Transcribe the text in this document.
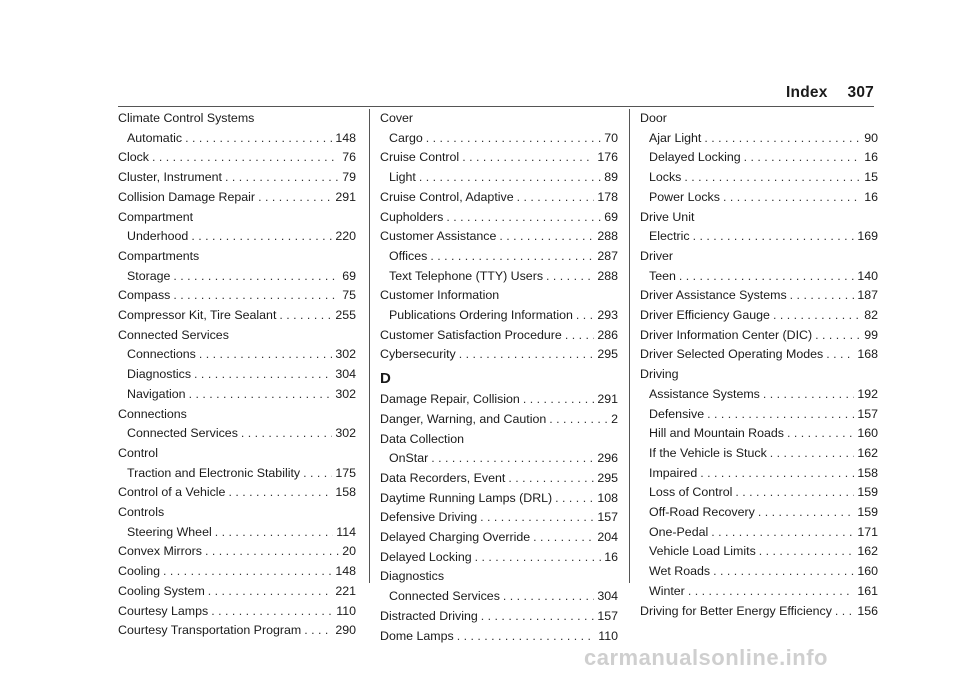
Index 307
Climate Control Systems
Automatic . . .	148
Clock . . .	76
Cluster, Instrument . . .	79
Collision Damage Repair . . .	291
Compartment
Underhood . . .	220
Compartments
Storage . . .	69
Compass . . .	75
Compressor Kit, Tire Sealant . . .	255
Connected Services
Connections . . .	302
Diagnostics . . .	304
Navigation . . .	302
Connections
Connected Services . . .	302
Control
Traction and Electronic Stability . . .	175
Control of a Vehicle . . .	158
Controls
Steering Wheel . . .	114
Convex Mirrors . . .	20
Cooling . . .	148
Cooling System . . .	221
Courtesy Lamps . . .	110
Courtesy Transportation Program . . .	290
Cover
Cargo . . .	70
Cruise Control . . .	176
Light . . .	89
Cruise Control, Adaptive . . .	178
Cupholders . . .	69
Customer Assistance . . .	288
Offices . . .	287
Text Telephone (TTY) Users . . .	288
Customer Information
Publications Ordering Information . . . 293
Customer Satisfaction Procedure . . .	286
Cybersecurity . . .	295
D
Damage Repair, Collision . . .	291
Danger, Warning, and Caution . . .	2
Data Collection
OnStar . . .	296
Data Recorders, Event . . .	295
Daytime Running Lamps (DRL) . . .	108
Defensive Driving . . .	157
Delayed Charging Override . . .	204
Delayed Locking . . .	16
Diagnostics
Connected Services . . .	304
Distracted Driving . . .	157
Dome Lamps . . .	110
Door
Ajar Light . . .	90
Delayed Locking . . .	16
Locks . . .	15
Power Locks . . .	16
Drive Unit
Electric . . .	169
Driver
Teen . . .	140
Driver Assistance Systems . . .	187
Driver Efficiency Gauge . . .	82
Driver Information Center (DIC) . . .	99
Driver Selected Operating Modes . . .	168
Driving
Assistance Systems . . .	192
Defensive . . .	157
Hill and Mountain Roads . . .	160
If the Vehicle is Stuck . . .	162
Impaired . . .	158
Loss of Control . . .	159
Off-Road Recovery . . .	159
One-Pedal . . .	171
Vehicle Load Limits . . .	162
Wet Roads . . .	160
Winter . . .	161
Driving for Better Energy Efficiency . . . 156
carmanualsonline.info
